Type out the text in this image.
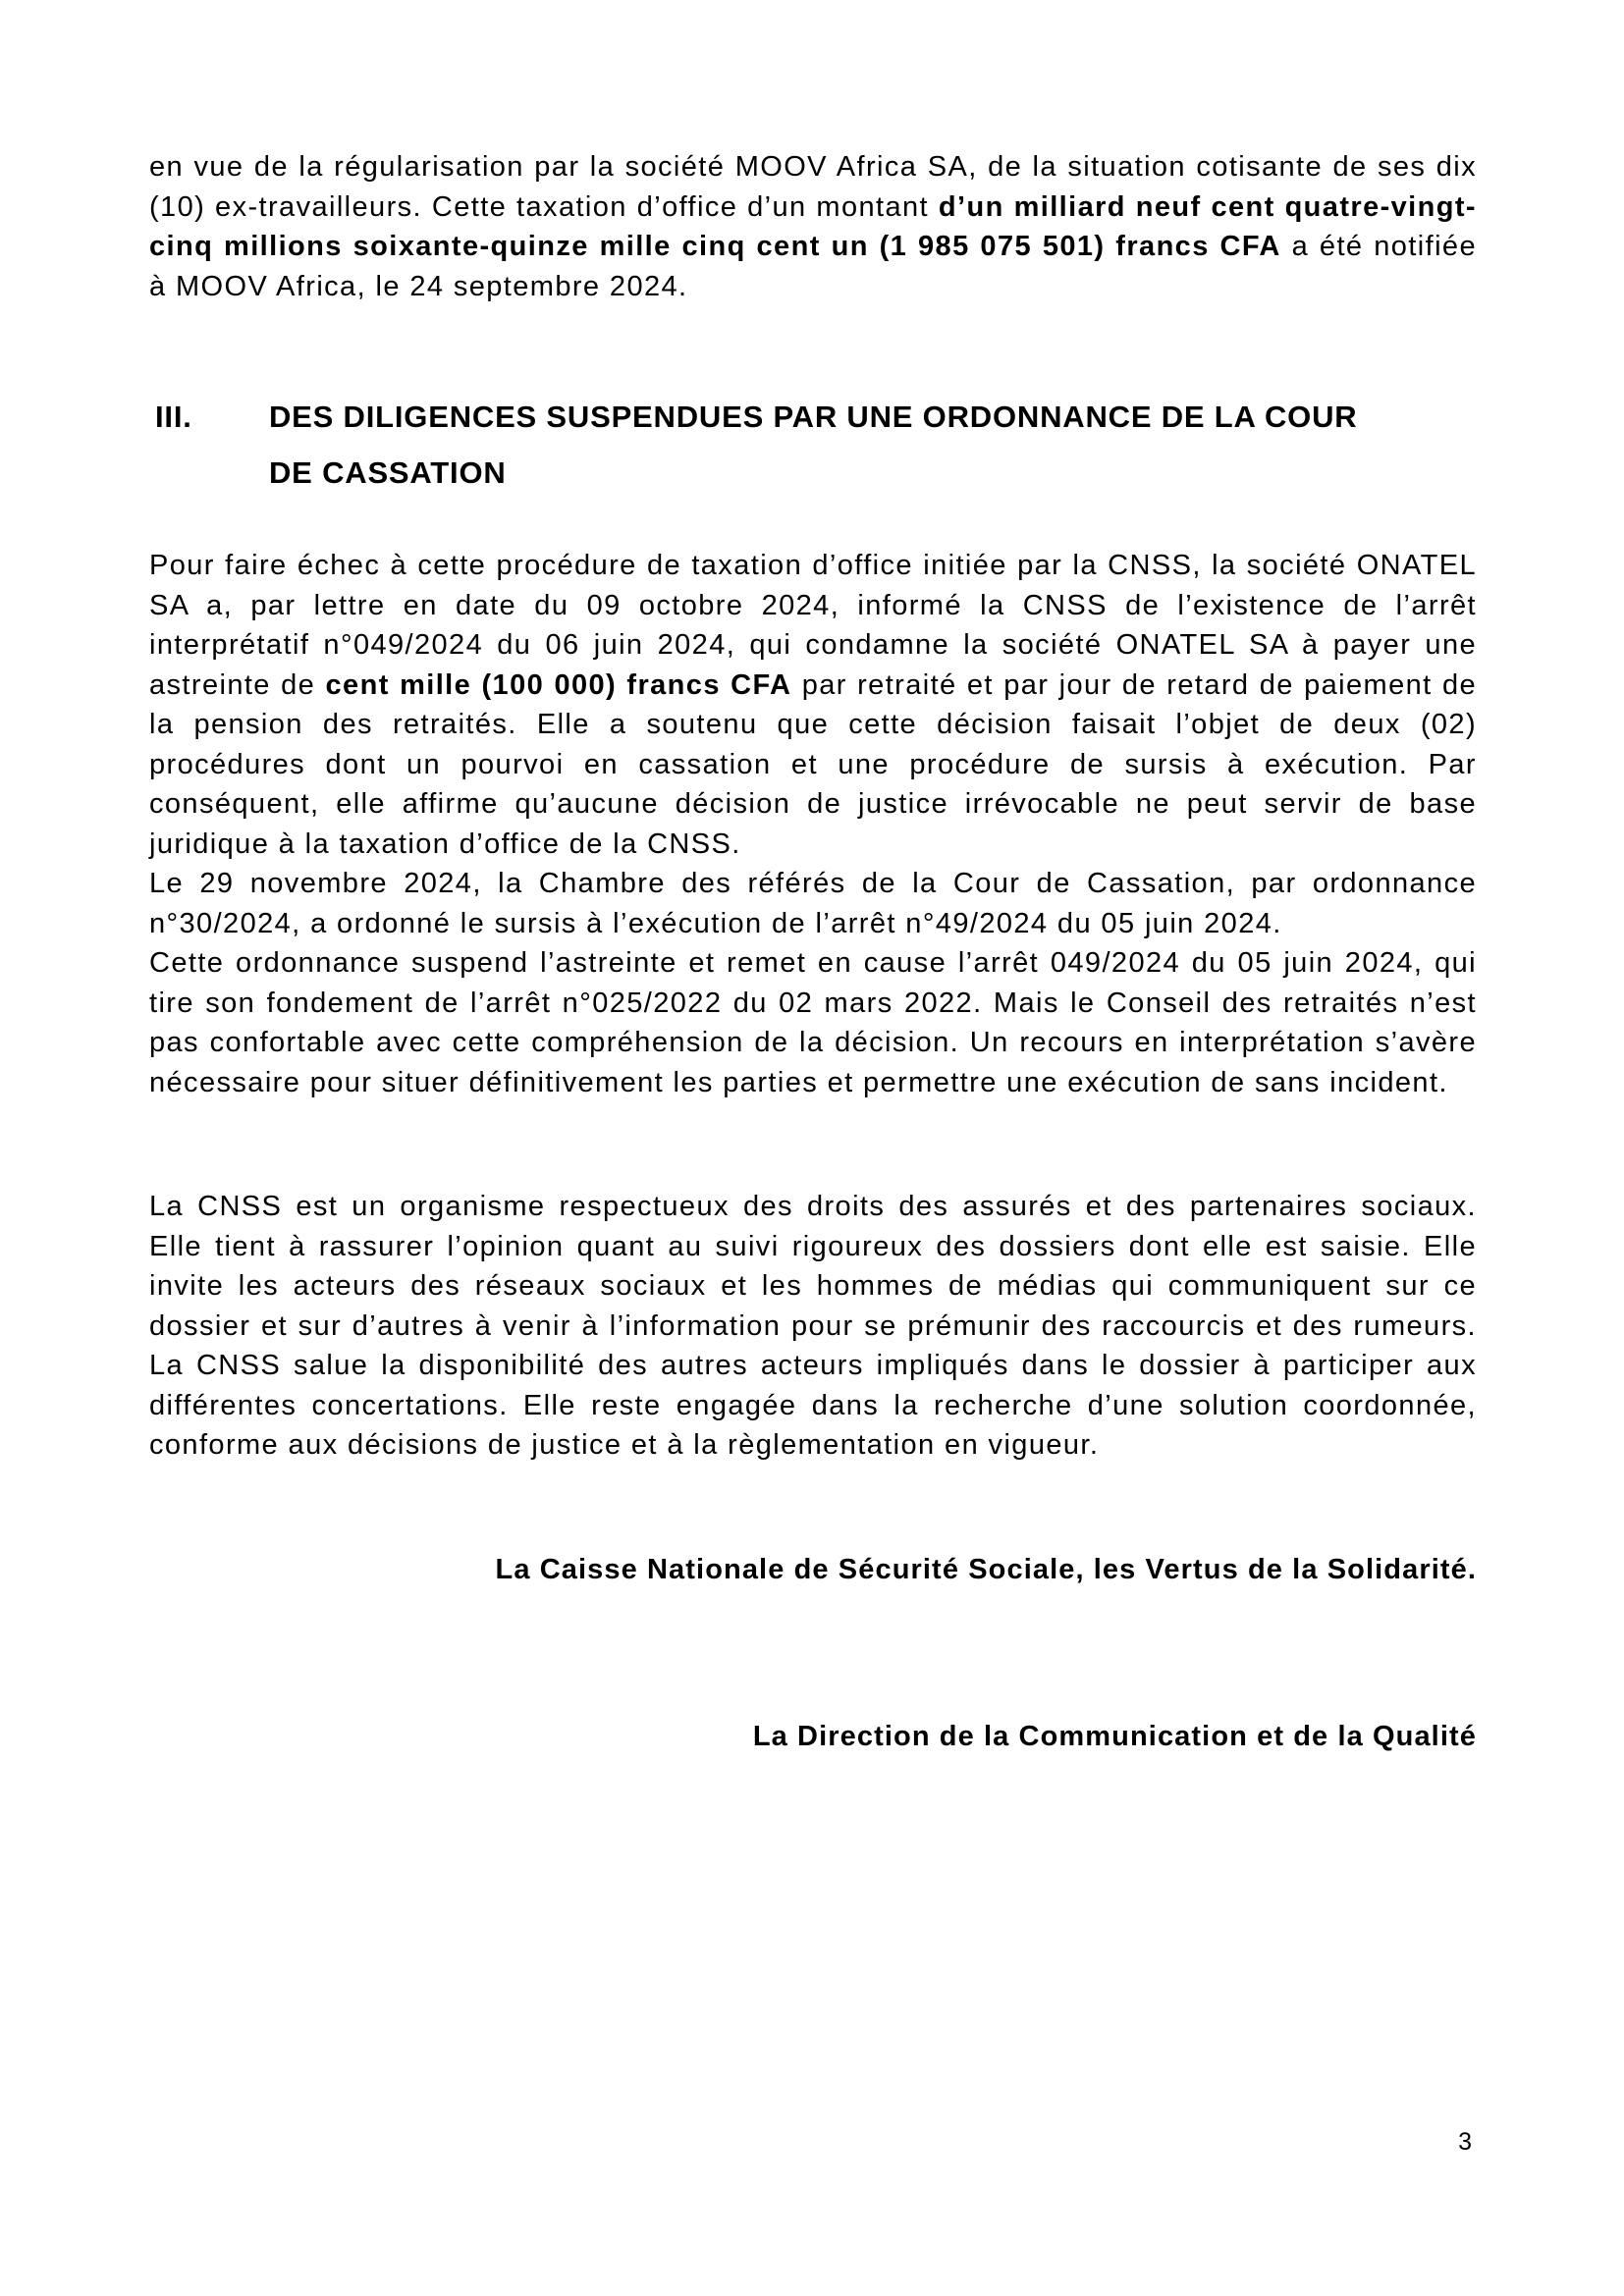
en vue de la régularisation par la société MOOV Africa SA, de la situation cotisante de ses dix (10) ex-travailleurs. Cette taxation d’office d’un montant d’un milliard neuf cent quatre-vingt-cinq millions soixante-quinze mille cinq cent un (1 985 075 501) francs CFA a été notifiée à MOOV Africa, le 24 septembre 2024.

III.	DES DILIGENCES SUSPENDUES PAR UNE ORDONNANCE DE LA COUR
DE CASSATION

Pour faire échec à cette procédure de taxation d’office initiée par la CNSS, la société ONATEL SA a, par lettre en date du 09 octobre 2024, informé la CNSS de l’existence de l’arrêt interprétatif n°049/2024 du 06 juin 2024, qui condamne la société ONATEL SA à payer une astreinte de cent mille (100 000) francs CFA par retraité et par jour de retard de paiement de la pension des retraités. Elle a soutenu que cette décision faisait l’objet de deux (02) procédures dont un pourvoi en cassation et une procédure de sursis à exécution. Par conséquent, elle affirme qu’aucune décision de justice irrévocable ne peut servir de base juridique à la taxation d’office de la CNSS.

Le 29 novembre 2024, la Chambre des référés de la Cour de Cassation, par ordonnance n°30/2024, a ordonné le sursis à l’exécution de l’arrêt n°49/2024 du 05 juin 2024.

Cette ordonnance suspend l’astreinte et remet en cause l’arrêt 049/2024 du 05 juin 2024, qui tire son fondement de l’arrêt n°025/2022 du 02 mars 2022. Mais le Conseil des retraités n’est pas confortable avec cette compréhension de la décision. Un recours en interprétation s’avère nécessaire pour situer définitivement les parties et permettre une exécution de sans incident.

La CNSS est un organisme respectueux des droits des assurés et des partenaires sociaux. Elle tient à rassurer l’opinion quant au suivi rigoureux des dossiers dont elle est saisie. Elle invite les acteurs des réseaux sociaux et les hommes de médias qui communiquent sur ce dossier et sur d’autres à venir à l’information pour se prémunir des raccourcis et des rumeurs. La CNSS salue la disponibilité des autres acteurs impliqués dans le dossier à participer aux différentes concertations. Elle reste engagée dans la recherche d’une solution coordonnée, conforme aux décisions de justice et à la règlementation en vigueur.

La Caisse Nationale de Sécurité Sociale, les Vertus de la Solidarité.

La Direction de la Communication et de la Qualité

3
